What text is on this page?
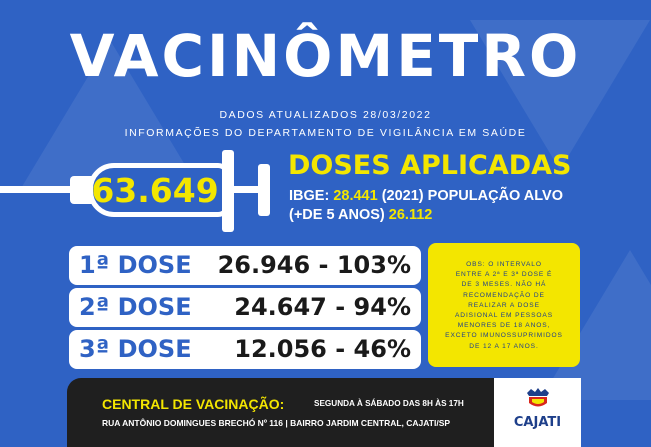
VACINÔMETRO
DADOS ATUALIZADOS 28/03/2022
INFORMAÇÕES DO DEPARTAMENTO DE VIGILÂNCIA EM SAÚDE
63.649
DOSES APLICADAS
IBGE: 28.441 (2021) POPULAÇÃO ALVO
(+DE 5 ANOS) 26.112
1ª DOSE 26.946 - 103%
2ª DOSE 24.647 - 94%
3ª DOSE 12.056 - 46%
OBS: O INTERVALO
ENTRE A 2ª E 3ª DOSE É
DE 3 MESES. NÃO HÁ
RECOMENDAÇÃO DE
REALIZAR A DOSE
ADISIONAL EM PESSOAS
MENORES DE 18 ANOS,
EXCETO IMUNOSSUPRIMIDOS
DE 12 A 17 ANOS.
CENTRAL DE VACINAÇÃO:	SEGUNDA À SÁBADO DAS 8H ÀS 17H
RUA ANTÔNIO DOMINGUES BRECHÓ Nº 116 | BAIRRO JARDIM CENTRAL, CAJATI/SP	CAJATI
